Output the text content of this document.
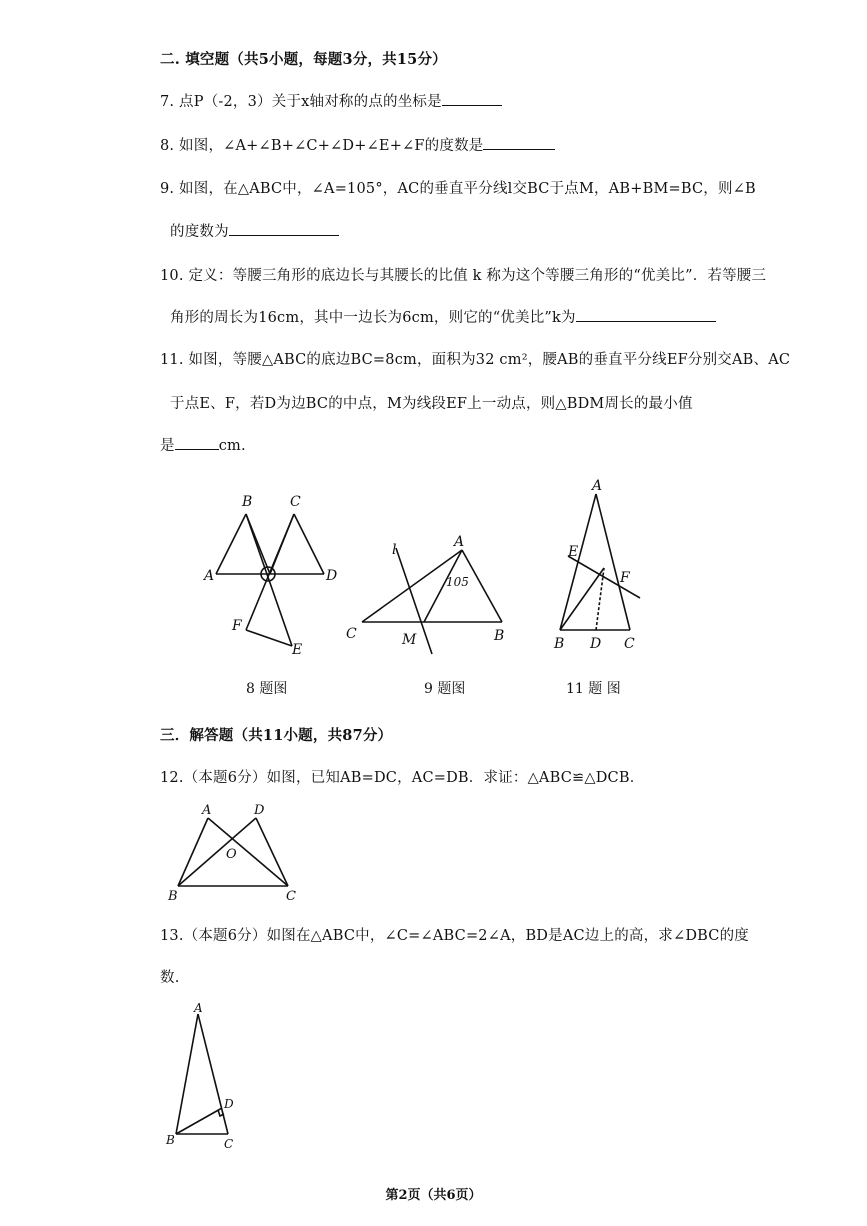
二. 填空题（共5小题，每题3分，共15分）
7. 点P（-2，3）关于x轴对称的点的坐标是
8. 如图，∠A+∠B+∠C+∠D+∠E+∠F的度数是
9. 如图，在△ABC中，∠A=105°，AC的垂直平分线l交BC于点M，AB+BM=BC，则∠B
的度数为
10. 定义：等腰三角形的底边长与其腰长的比值 k 称为这个等腰三角形的“优美比”．若等腰三
角形的周长为16cm，其中一边长为6cm，则它的“优美比”k为
11. 如图，等腰△ABC的底边BC=8cm，面积为32 cm²，腰AB的垂直平分线EF分别交AB、AC
于点E、F，若D为边BC的中点，M为线段EF上一动点，则△BDM周长的最小值
是	cm.
A
B	C
D
E
F
8 题图
l	A
105
C	M	B
9 题图
A
E
F
B D C
11 题 图
三．解答题（共11小题，共87分）
12.（本题6分）如图，已知AB=DC，AC=DB．求证：△ABC≌△DCB．
A	D
O
B	C
13.（本题6分）如图在△ABC中，∠C=∠ABC=2∠A，BD是AC边上的高，求∠DBC的度
数.
A
D
B	C
第2页（共6页）
